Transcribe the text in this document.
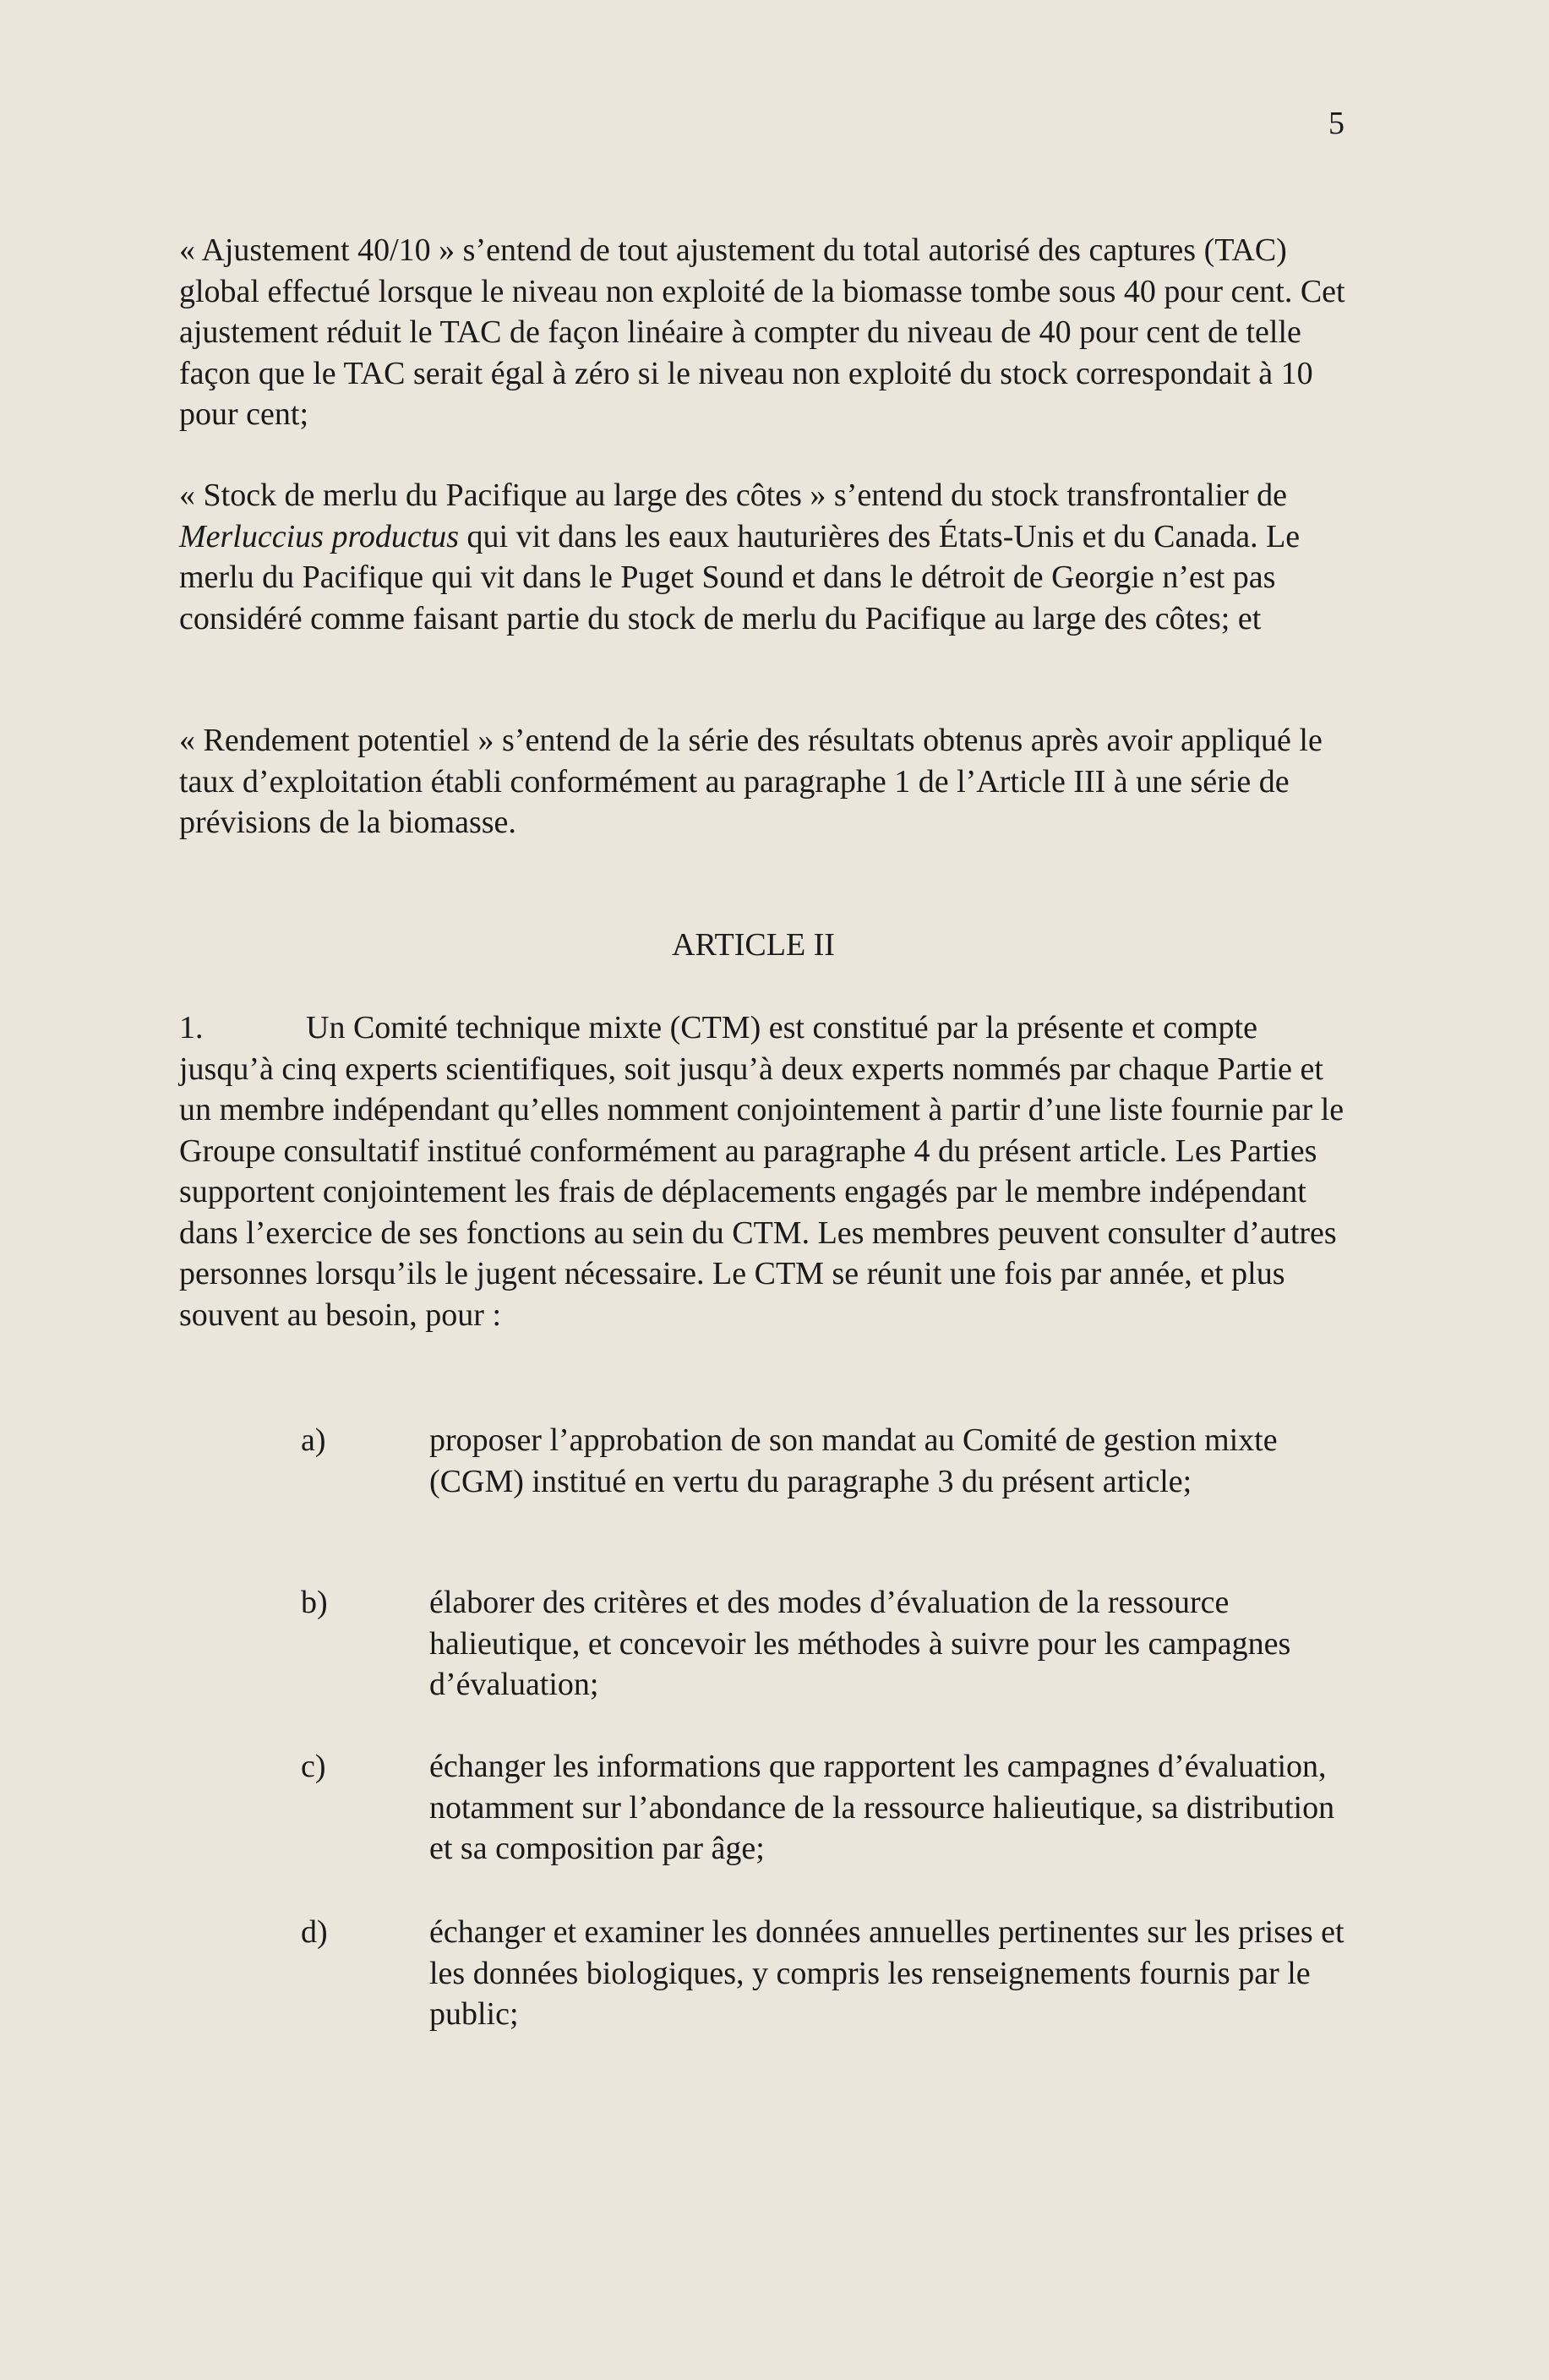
5

« Ajustement 40/10 » s’entend de tout ajustement du total autorisé des captures (TAC) global effectué lorsque le niveau non exploité de la biomasse tombe sous 40 pour cent. Cet ajustement réduit le TAC de façon linéaire à compter du niveau de 40 pour cent de telle façon que le TAC serait égal à zéro si le niveau non exploité du stock correspondait à 10 pour cent;

« Stock de merlu du Pacifique au large des côtes » s’entend du stock transfrontalier de Merluccius productus qui vit dans les eaux hauturières des États-Unis et du Canada. Le merlu du Pacifique qui vit dans le Puget Sound et dans le détroit de Georgie n’est pas considéré comme faisant partie du stock de merlu du Pacifique au large des côtes; et

« Rendement potentiel » s’entend de la série des résultats obtenus après avoir appliqué le taux d’exploitation établi conformément au paragraphe 1 de l’Article III à une série de prévisions de la biomasse.

ARTICLE II

1.	Un Comité technique mixte (CTM) est constitué par la présente et compte jusqu’à cinq experts scientifiques, soit jusqu’à deux experts nommés par chaque Partie et un membre indépendant qu’elles nomment conjointement à partir d’une liste fournie par le Groupe consultatif institué conformément au paragraphe 4 du présent article. Les Parties supportent conjointement les frais de déplacements engagés par le membre indépendant dans l’exercice de ses fonctions au sein du CTM. Les membres peuvent consulter d’autres personnes lorsqu’ils le jugent nécessaire. Le CTM se réunit une fois par année, et plus souvent au besoin, pour :

a)	proposer l’approbation de son mandat au Comité de gestion mixte (CGM) institué en vertu du paragraphe 3 du présent article;
b)	élaborer des critères et des modes d’évaluation de la ressource halieutique, et concevoir les méthodes à suivre pour les campagnes d’évaluation;
c)	échanger les informations que rapportent les campagnes d’évaluation, notamment sur l’abondance de la ressource halieutique, sa distribution et sa composition par âge;
d)	échanger et examiner les données annuelles pertinentes sur les prises et les données biologiques, y compris les renseignements fournis par le public;
